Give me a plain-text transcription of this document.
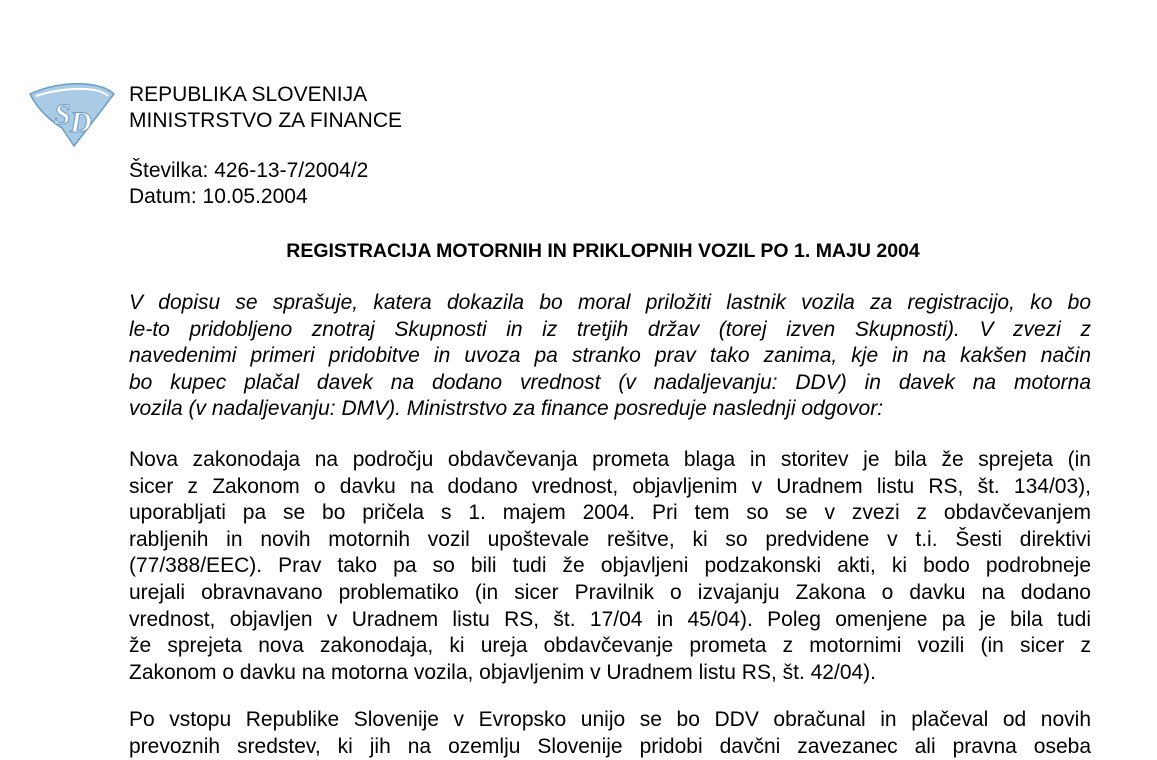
S D
REPUBLIKA SLOVENIJA
MINISTRSTVO ZA FINANCE
Številka: 426-13-7/2004/2
Datum: 10.05.2004
REGISTRACIJA MOTORNIH IN PRIKLOPNIH VOZIL PO 1. MAJU 2004
V dopisu se sprašuje, katera dokazila bo moral priložiti lastnik vozila za registracijo, ko bo
le-to pridobljeno znotraj Skupnosti in iz tretjih držav (torej izven Skupnosti). V zvezi z
navedenimi primeri pridobitve in uvoza pa stranko prav tako zanima, kje in na kakšen način
bo kupec plačal davek na dodano vrednost (v nadaljevanju: DDV) in davek na motorna
vozila (v nadaljevanju: DMV). Ministrstvo za finance posreduje naslednji odgovor:
Nova zakonodaja na področju obdavčevanja prometa blaga in storitev je bila že sprejeta (in
sicer z Zakonom o davku na dodano vrednost, objavljenim v Uradnem listu RS, št. 134/03),
uporabljati pa se bo pričela s 1. majem 2004. Pri tem so se v zvezi z obdavčevanjem
rabljenih in novih motornih vozil upoštevale rešitve, ki so predvidene v t.i. Šesti direktivi
(77/388/EEC). Prav tako pa so bili tudi že objavljeni podzakonski akti, ki bodo podrobneje
urejali obravnavano problematiko (in sicer Pravilnik o izvajanju Zakona o davku na dodano
vrednost, objavljen v Uradnem listu RS, št. 17/04 in 45/04). Poleg omenjene pa je bila tudi
že sprejeta nova zakonodaja, ki ureja obdavčevanje prometa z motornimi vozili (in sicer z
Zakonom o davku na motorna vozila, objavljenim v Uradnem listu RS, št. 42/04).
Po vstopu Republike Slovenije v Evropsko unijo se bo DDV obračunal in plačeval od novih
prevoznih sredstev, ki jih na ozemlju Slovenije pridobi davčni zavezanec ali pravna oseba
